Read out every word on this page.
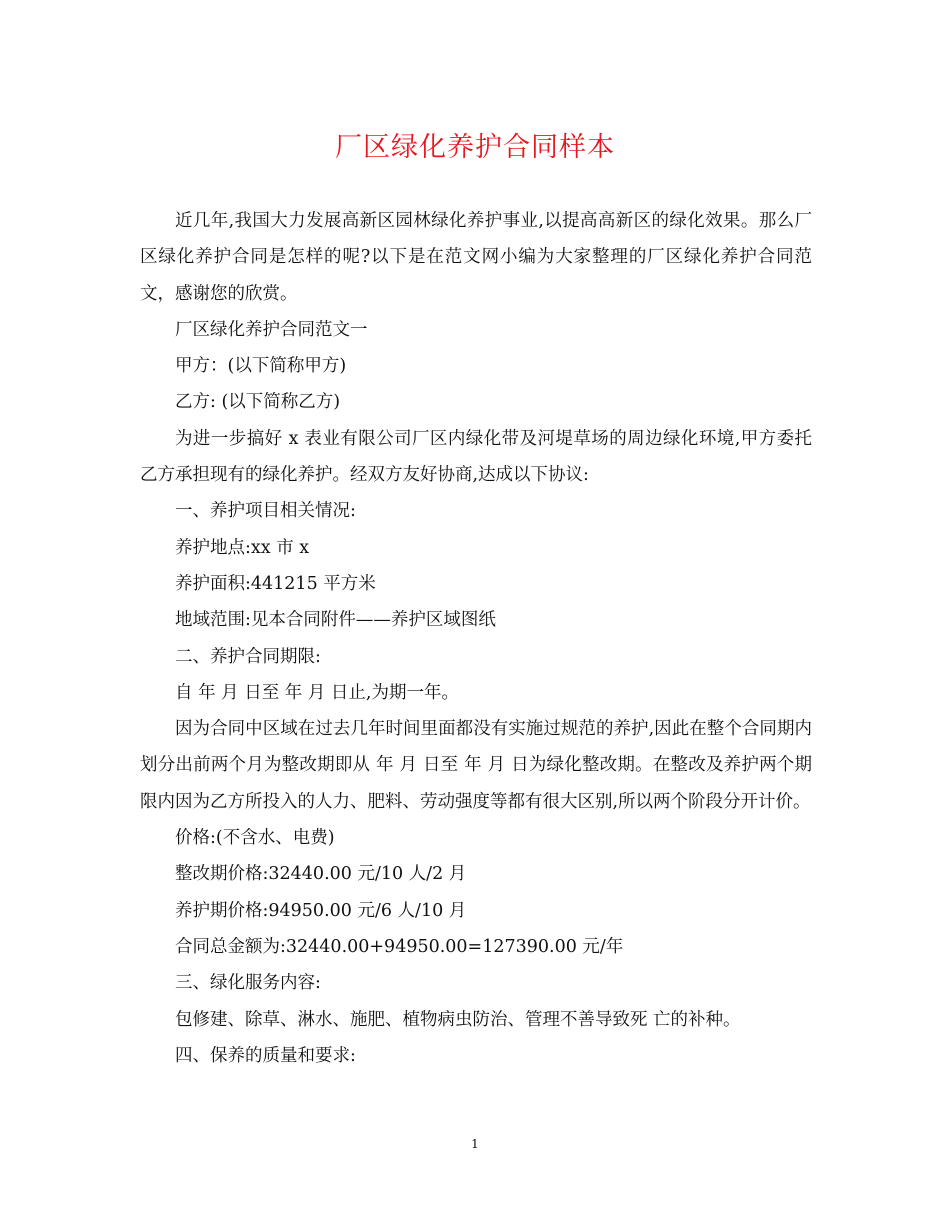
厂区绿化养护合同样本

近几年,我国大力发展高新区园林绿化养护事业,以提高高新区的绿化效果。那么厂区绿化养护合同是怎样的呢?以下是在范文网小编为大家整理的厂区绿化养护合同范文，感谢您的欣赏。

厂区绿化养护合同范文一

甲方：(以下简称甲方)

乙方: (以下简称乙方)

为进一步搞好 x 表业有限公司厂区内绿化带及河堤草场的周边绿化环境,甲方委托乙方承担现有的绿化养护。经双方友好协商,达成以下协议:

一、养护项目相关情况:

养护地点:xx 市 x

养护面积:441215 平方米

地域范围:见本合同附件——养护区域图纸

二、养护合同期限:

自 年 月 日至 年 月 日止,为期一年。

因为合同中区域在过去几年时间里面都没有实施过规范的养护,因此在整个合同期内划分出前两个月为整改期即从 年 月 日至 年 月 日为绿化整改期。在整改及养护两个期限内因为乙方所投入的人力、肥料、劳动强度等都有很大区别,所以两个阶段分开计价。

价格:(不含水、电费)

整改期价格:32440.00 元/10 人/2 月

养护期价格:94950.00 元/6 人/10 月

合同总金额为:32440.00+94950.00=127390.00 元/年

三、绿化服务内容:

包修建、除草、淋水、施肥、植物病虫防治、管理不善导致死 亡的补种。

四、保养的质量和要求:

1
